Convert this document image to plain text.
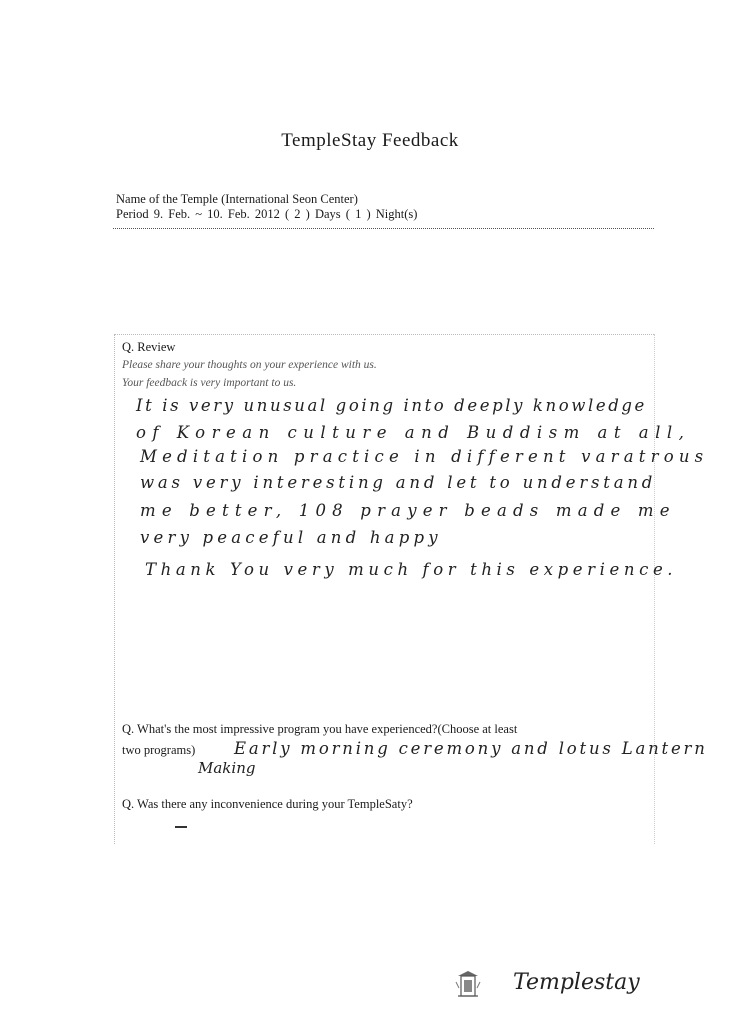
TempleStay Feedback
Name of the Temple (International Seon Center)
Period 9. Feb. ~ 10. Feb. 2012 ( 2 ) Days ( 1 ) Night(s)
Q. Review
Please share your thoughts on your experience with us.
Your feedback is very important to us.
It is very unusual going into deeply knowledge
of Korean culture and Buddism at all,
Meditation practice in different varatrous
was very interesting and let to understand
me better, 108 prayer beads made me
very peaceful and happy
Thank You very much for this experience.
Q. What's the most impressive program you have experienced?(Choose at least
two programs) Early morning ceremony and lotus Lantern
Making
Q. Was there any inconvenience during your TempleSaty?
Templestay
